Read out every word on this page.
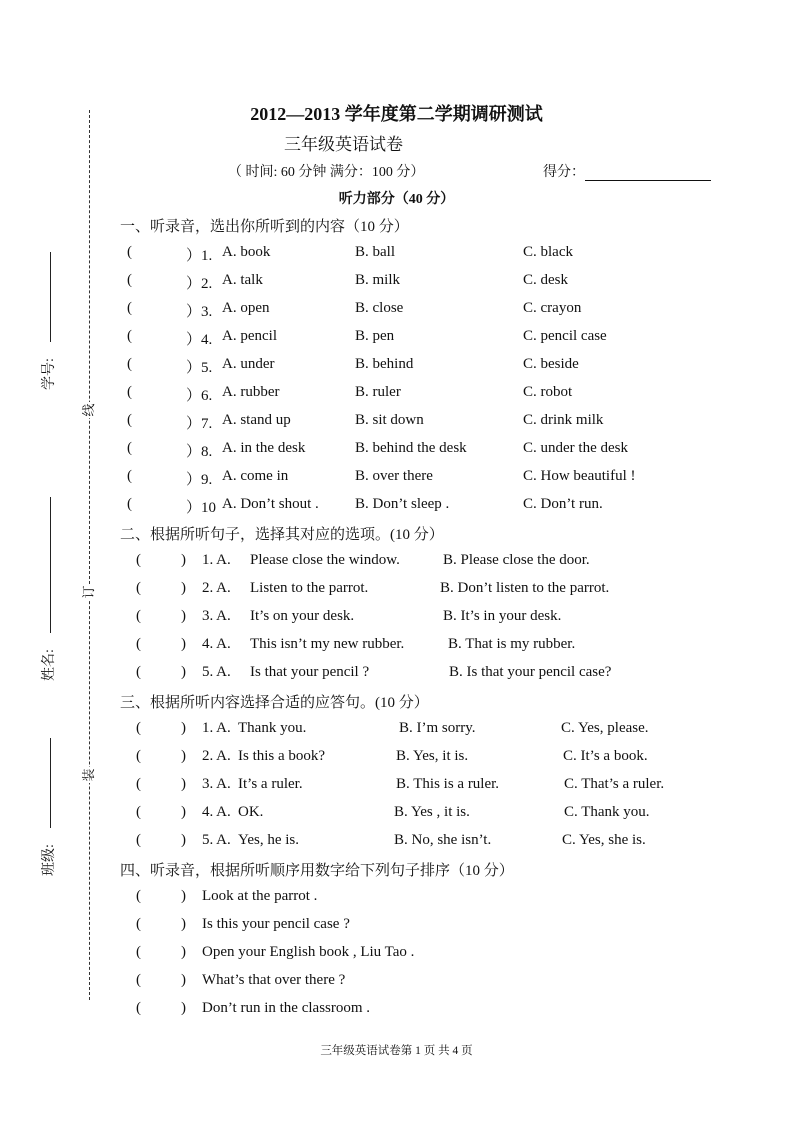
线
订
装
学号:
姓名:
班级:
2012—2013 学年度第二学期调研测试
三年级英语试卷
（ 时间: 60 分钟 满分：100 分）	得分：
听力部分（40 分）
一、听录音，选出你所听到的内容（10 分）
(	）1. A. book	B. ball	C. black
(	）2. A. talk	B. milk	C. desk
(	）3. A. open	B. close	C. crayon
(	）4. A. pencil	B. pen	C. pencil case
(	）5. A. under	B. behind	C. beside
(	）6. A. rubber	B. ruler	C. robot
(	）7. A. stand up	B. sit down	C. drink milk
(	）8. A. in the desk	B. behind the desk	C. under the desk
(	）9. A. come in	B. over there	C. How beautiful !
(	）10 A. Don’t shout . B. Don’t sleep .	C. Don’t run.
二、根据所听句子，选择其对应的选项。(10 分）
(	) 1. A. Please close the window.	B. Please close the door.
(	) 2. A. Listen to the parrot.	B. Don’t listen to the parrot.
(	) 3. A. It’s on your desk.	B. It’s in your desk.
(	) 4. A. This isn’t my new rubber.	B. That is my rubber.
(	) 5. A. Is that your pencil ?	B. Is that your pencil case?
三、根据所听内容选择合适的应答句。(10 分）
(	) 1. A. Thank you.	B. I’m sorry.	C. Yes, please.
(	) 2. A. Is this a book?	B. Yes, it is.	C. It’s a book.
(	) 3. A. It’s a ruler.	B. This is a ruler.	C. That’s a ruler.
(	) 4. A. OK.	B. Yes , it is.	C. Thank you.
(	) 5. A. Yes, he is.	B. No, she isn’t.	C. Yes, she is.
四、听录音，根据所听顺序用数字给下列句子排序（10 分）
(	) Look at the parrot .
(	) Is this your pencil case ?
(	) Open your English book , Liu Tao .
(	) What’s that over there ?
(	) Don’t run in the classroom .
三年级英语试卷第 1 页 共 4 页
